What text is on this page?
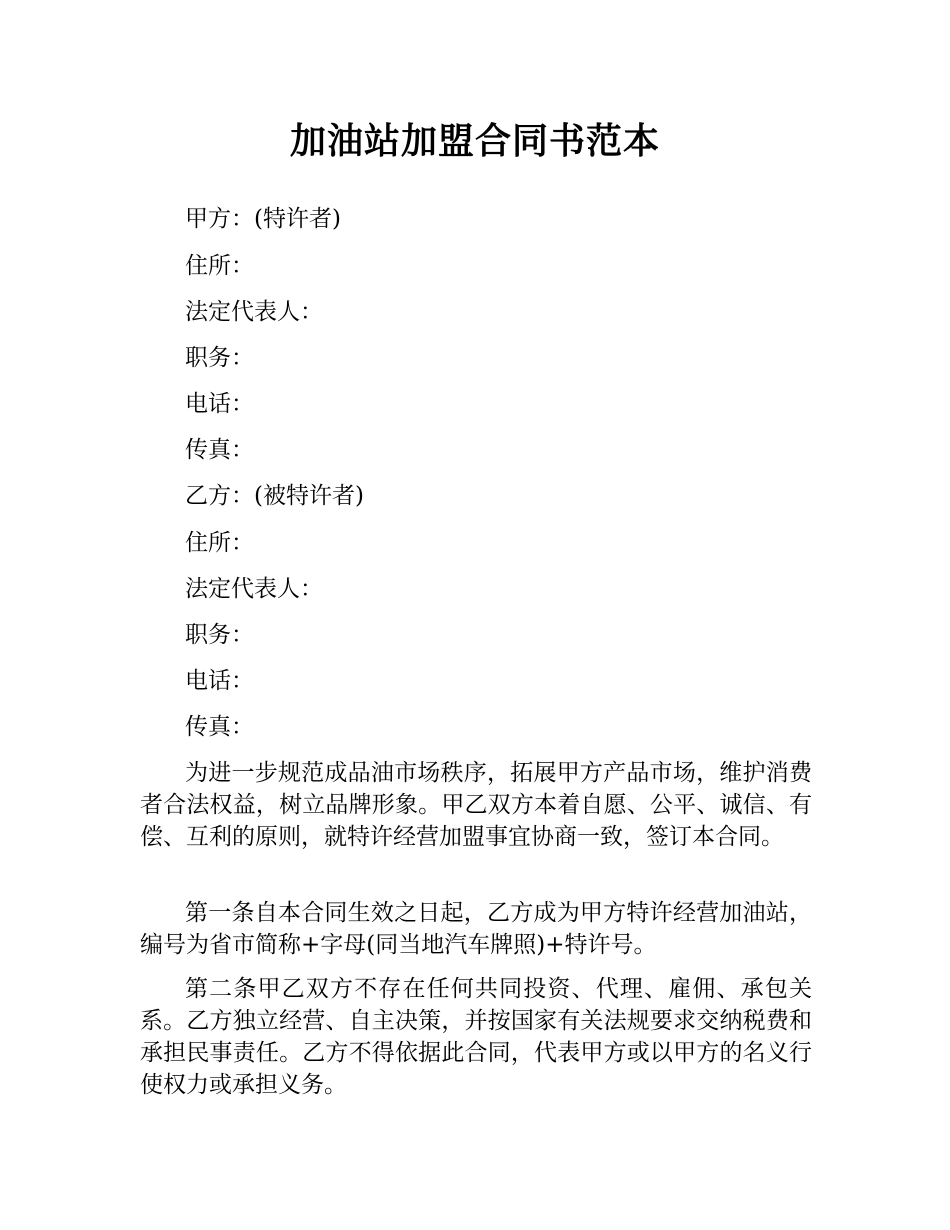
加油站加盟合同书范本

甲方：(特许者)

住所：

法定代表人：

职务：

电话：

传真：

乙方：(被特许者)

住所：

法定代表人：

职务：

电话：

传真：

为进一步规范成品油市场秩序，拓展甲方产品市场，维护消费者合法权益，树立品牌形象。甲乙双方本着自愿、公平、诚信、有偿、互利的原则，就特许经营加盟事宜协商一致，签订本合同。

第一条自本合同生效之日起，乙方成为甲方特许经营加油站，编号为省市简称+字母(同当地汽车牌照)+特许号。

第二条甲乙双方不存在任何共同投资、代理、雇佣、承包关系。乙方独立经营、自主决策，并按国家有关法规要求交纳税费和承担民事责任。乙方不得依据此合同，代表甲方或以甲方的名义行使权力或承担义务。
